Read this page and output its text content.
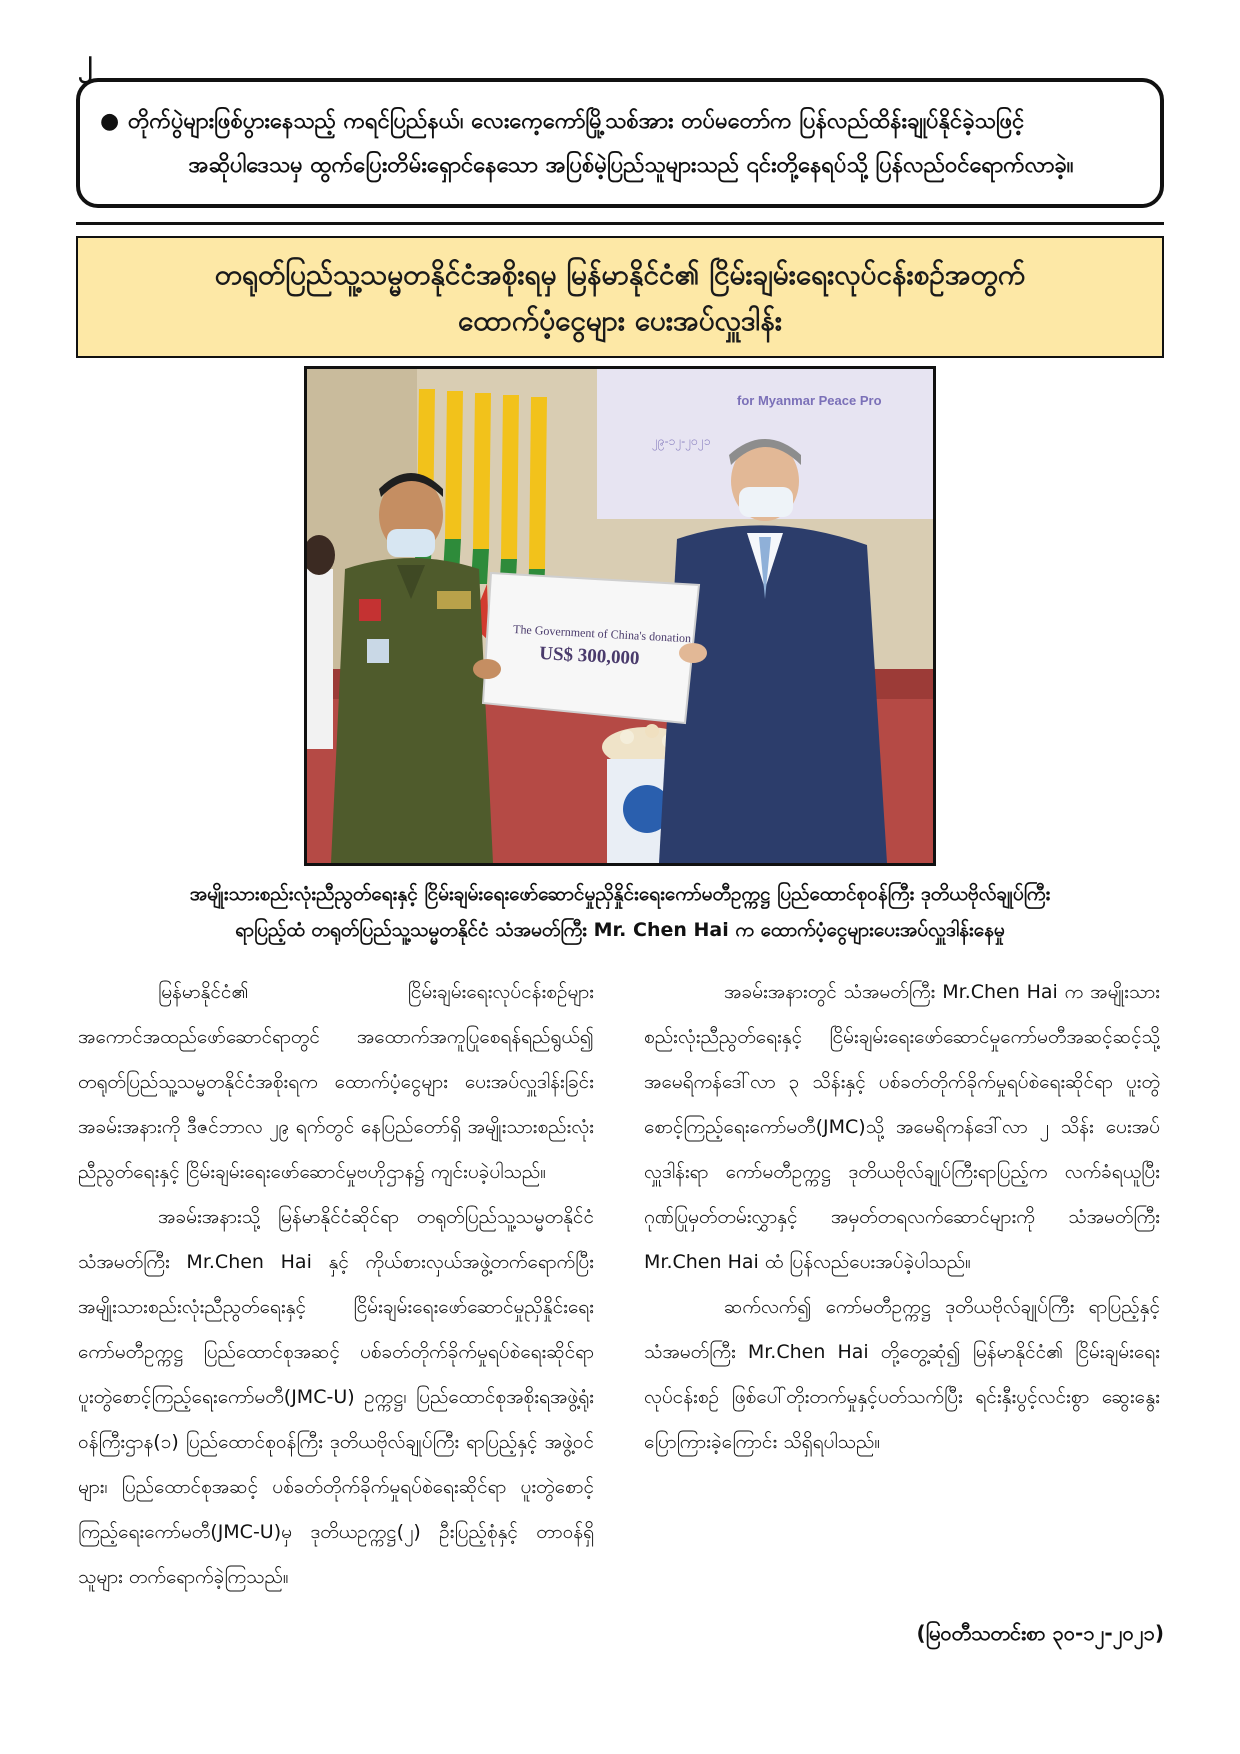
၂
● တိုက်ပွဲများဖြစ်ပွားနေသည့် ကရင်ပြည်နယ်၊ လေးကေ့ကော်မြို့သစ်အား တပ်မတော်က ပြန်လည်ထိန်းချုပ်နိုင်ခဲ့သဖြင့်
အဆိုပါဒေသမှ ထွက်ပြေးတိမ်းရှောင်နေသော အပြစ်မဲ့ပြည်သူများသည် ၎င်းတို့နေရပ်သို့ ပြန်လည်ဝင်ရောက်လာခဲ့။
တရုတ်ပြည်သူ့သမ္မတနိုင်ငံအစိုးရမှ မြန်မာနိုင်ငံ၏ ငြိမ်းချမ်းရေးလုပ်ငန်းစဉ်အတွက်
ထောက်ပံ့ငွေများ ပေးအပ်လှူဒါန်း
for Myanmar Peace Pro
၂၉-၁၂-၂၀၂၁
The Government of China's donation
US$ 300,000
အမျိုးသားစည်းလုံးညီညွတ်ရေးနှင့် ငြိမ်းချမ်းရေးဖော်ဆောင်မှုညှိနှိုင်းရေးကော်မတီဥက္ကဋ္ဌ ပြည်ထောင်စုဝန်ကြီး ဒုတိယဗိုလ်ချုပ်ကြီး
ရာပြည့်ထံ တရုတ်ပြည်သူ့သမ္မတနိုင်ငံ သံအမတ်ကြီး Mr. Chen Hai က ထောက်ပံ့ငွေများပေးအပ်လှူဒါန်းနေမှု

မြန်မာနိုင်ငံ၏ ငြိမ်းချမ်းရေးလုပ်ငန်းစဉ်များ အကောင်အထည်ဖော်ဆောင်ရာတွင် အထောက်အကူပြုစေရန်ရည်ရွယ်၍ တရုတ်ပြည်သူ့သမ္မတနိုင်ငံအစိုးရက ထောက်ပံ့ငွေများ ပေးအပ်လှူဒါန်းခြင်းအခမ်းအနားကို ဒီဇင်ဘာလ ၂၉ ရက်တွင် နေပြည်တော်ရှိ အမျိုးသားစည်းလုံးညီညွတ်ရေးနှင့် ငြိမ်းချမ်းရေးဖော်ဆောင်မှုဗဟိုဌာန၌ ကျင်းပခဲ့ပါသည်။

အခမ်းအနားသို့ မြန်မာနိုင်ငံဆိုင်ရာ တရုတ်ပြည်သူ့သမ္မတနိုင်ငံ သံအမတ်ကြီး Mr.Chen Hai နှင့် ကိုယ်စားလှယ်အဖွဲ့တက်ရောက်ပြီး အမျိုးသားစည်းလုံးညီညွတ်ရေးနှင့် ငြိမ်းချမ်းရေးဖော်ဆောင်မှုညှိနှိုင်းရေးကော်မတီဥက္ကဋ္ဌ ပြည်ထောင်စုအဆင့် ပစ်ခတ်တိုက်ခိုက်မှုရပ်စဲရေးဆိုင်ရာ ပူးတွဲစောင့်ကြည့်ရေးကော်မတီ(JMC-U) ဥက္ကဋ္ဌ၊ ပြည်ထောင်စုအစိုးရအဖွဲ့ရုံးဝန်ကြီးဌာန(၁) ပြည်ထောင်စုဝန်ကြီး ဒုတိယဗိုလ်ချုပ်ကြီး ရာပြည့်နှင့် အဖွဲ့ဝင်များ၊ ပြည်ထောင်စုအဆင့် ပစ်ခတ်တိုက်ခိုက်မှုရပ်စဲရေးဆိုင်ရာ ပူးတွဲစောင့်ကြည့်ရေးကော်မတီ(JMC-U)မှ ဒုတိယဥက္ကဋ္ဌ(၂) ဦးပြည့်စုံနှင့် တာဝန်ရှိသူများ တက်ရောက်ခဲ့ကြသည်။

အခမ်းအနားတွင် သံအမတ်ကြီး Mr.Chen Hai က အမျိုးသားစည်းလုံးညီညွတ်ရေးနှင့် ငြိမ်းချမ်းရေးဖော်ဆောင်မှုကော်မတီအဆင့်ဆင့်သို့ အမေရိကန်ဒေါ်လာ ၃ သိန်းနှင့် ပစ်ခတ်တိုက်ခိုက်မှုရပ်စဲရေးဆိုင်ရာ ပူးတွဲစောင့်ကြည့်ရေးကော်မတီ(JMC)သို့ အမေရိကန်ဒေါ်လာ ၂ သိန်း ပေးအပ်လှူဒါန်းရာ ကော်မတီဥက္ကဋ္ဌ ဒုတိယဗိုလ်ချုပ်ကြီးရာပြည့်က လက်ခံရယူပြီး ဂုဏ်ပြုမှတ်တမ်းလွှာနှင့် အမှတ်တရလက်ဆောင်များကို သံအမတ်ကြီး Mr.Chen Hai ထံ ပြန်လည်ပေးအပ်ခဲ့ပါသည်။

ဆက်လက်၍ ကော်မတီဥက္ကဋ္ဌ ဒုတိယဗိုလ်ချုပ်ကြီး ရာပြည့်နှင့် သံအမတ်ကြီး Mr.Chen Hai တို့တွေ့ဆုံ၍ မြန်မာနိုင်ငံ၏ ငြိမ်းချမ်းရေးလုပ်ငန်းစဉ် ဖြစ်ပေါ်တိုးတက်မှုနှင့်ပတ်သက်ပြီး ရင်းနှီးပွင့်လင်းစွာ ဆွေးနွေးပြောကြားခဲ့ကြောင်း သိရှိရပါသည်။

(မြဝတီသတင်းစာ ၃၀-၁၂-၂၀၂၁)
